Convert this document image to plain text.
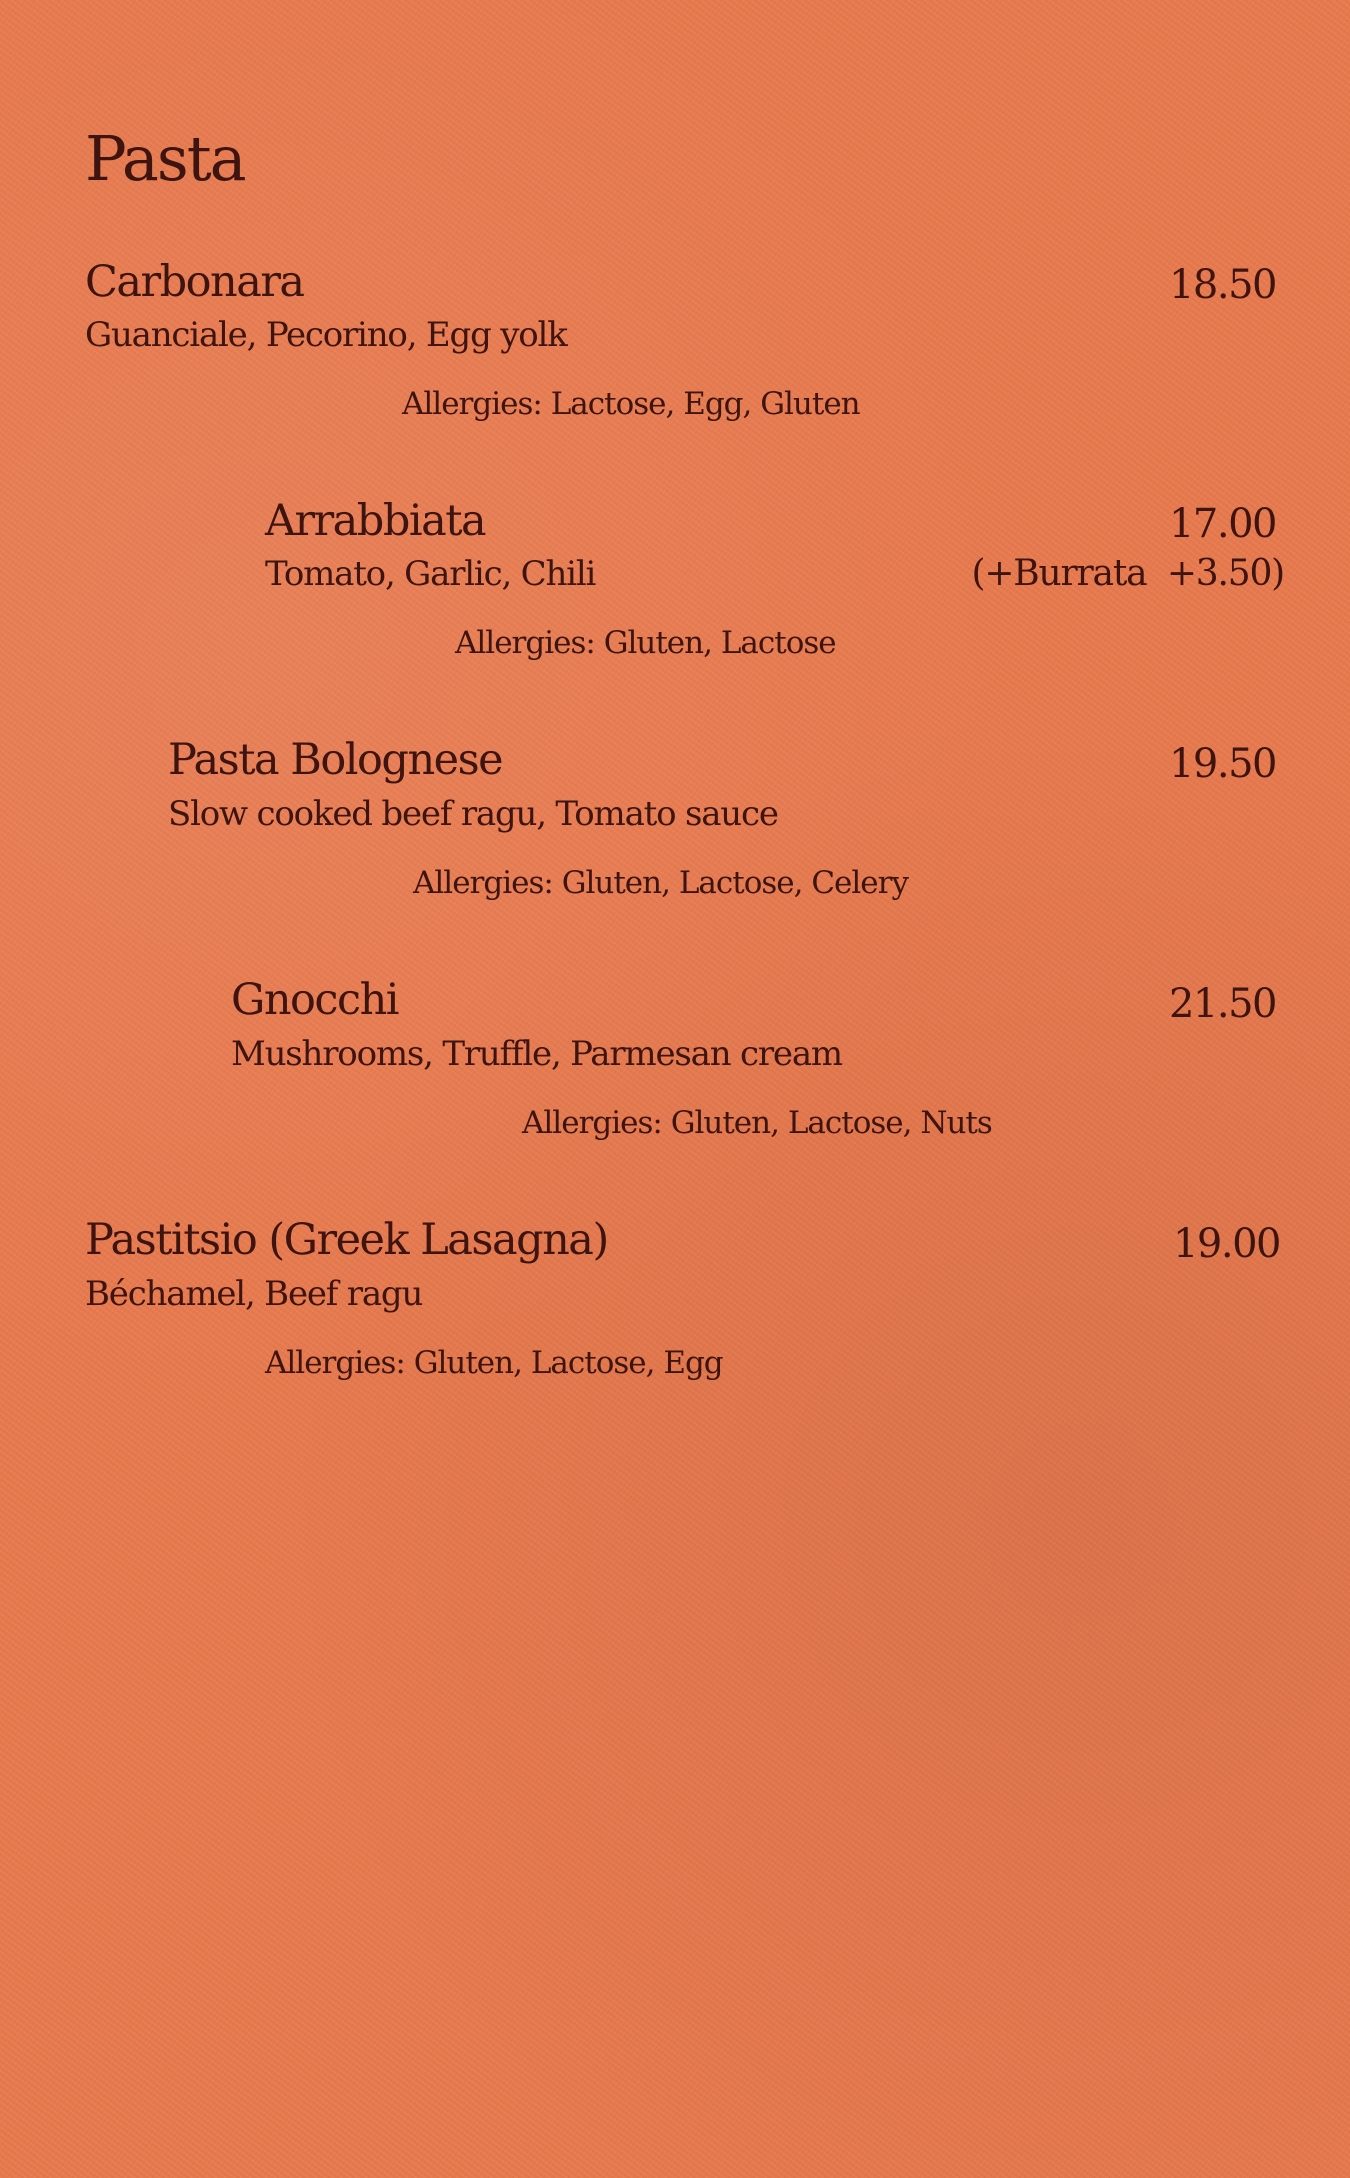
Pasta
Carbonara	18.50
Guanciale, Pecorino, Egg yolk
Allergies: Lactose, Egg, Gluten
Arrabbiata	17.00
Tomato, Garlic, Chili	(+Burrata  +3.50)
Allergies: Gluten, Lactose
Pasta Bolognese	19.50
Slow cooked beef ragu, Tomato sauce
Allergies: Gluten, Lactose, Celery
Gnocchi	21.50
Mushrooms, Truffle, Parmesan cream
Allergies: Gluten, Lactose, Nuts
Pastitsio (Greek Lasagna)	19.00
Béchamel, Beef ragu
Allergies: Gluten, Lactose, Egg
